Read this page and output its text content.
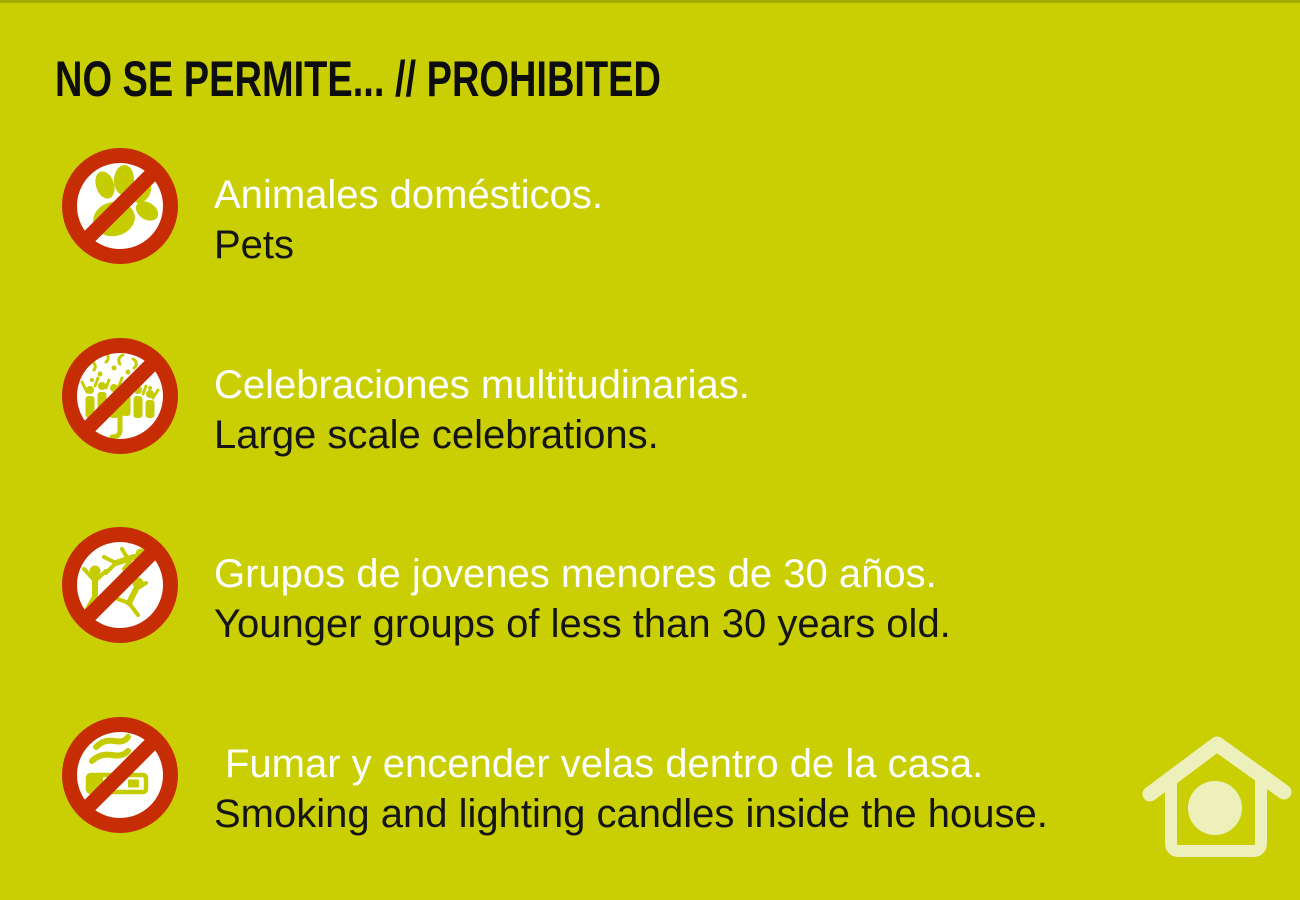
NO SE PERMITE... // PROHIBITED
Animales domésticos.
Pets
Celebraciones multitudinarias.
Large scale celebrations.
Grupos de jovenes menores de 30 años.
Younger groups of less than 30 years old.
Fumar y encender velas dentro de la casa.
Smoking and lighting candles inside the house.
